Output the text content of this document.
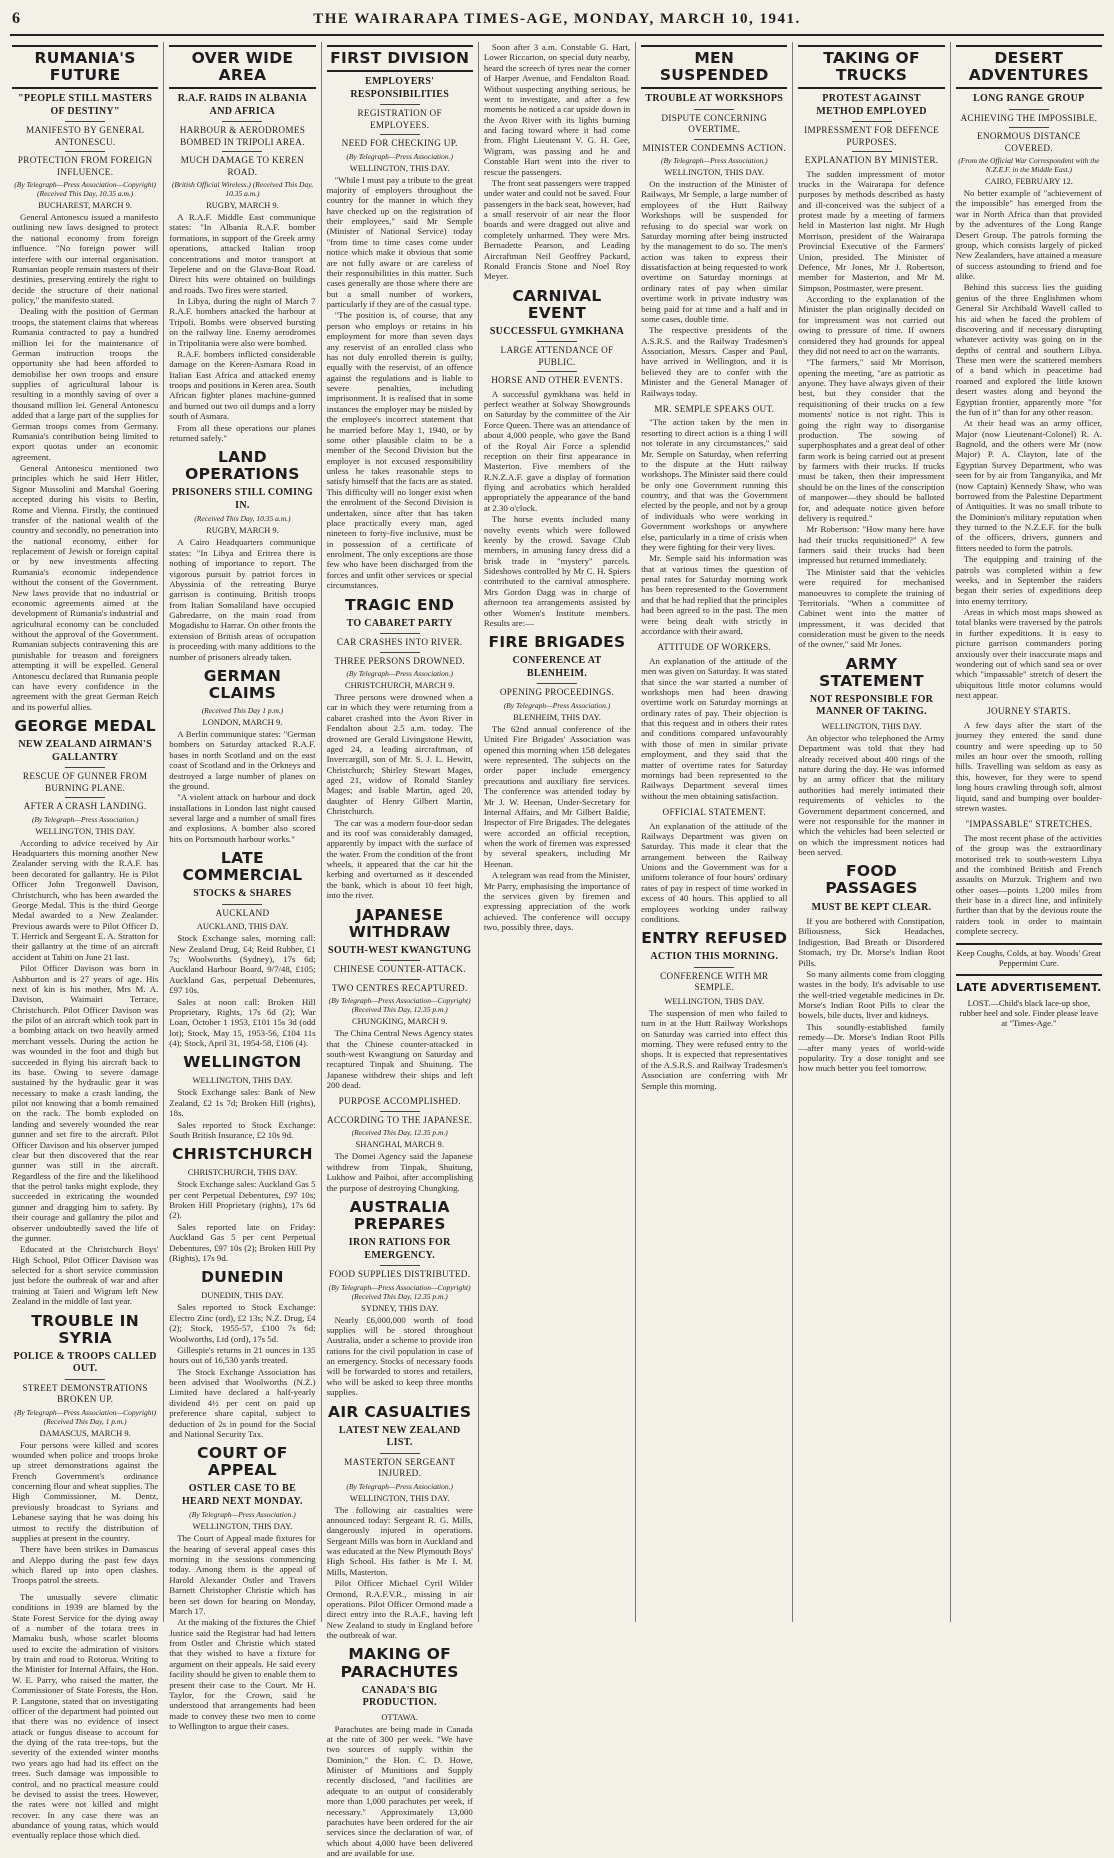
6	THE WAIRARAPA TIMES-AGE, MONDAY, MARCH 10, 1941.
RUMANIA'S FUTURE
"PEOPLE STILL MASTERS OF DESTINY"
MANIFESTO BY GENERAL ANTONESCU.
PROTECTION FROM FOREIGN INFLUENCE.
(By Telegraph—Press Association—Copyright) (Received This Day, 10.35 a.m.)
BUCHAREST, MARCH 9.

General Antonescu issued a manifesto outlining new laws designed to protect the national economy from foreign influence. "No foreign power will interfere with our internal organisation. Rumanian people remain masters of their destinies, preserving entirely the right to decide the structure of their national policy," the manifesto stated.

Dealing with the position of German troops, the statement claims that whereas Rumania contracted to pay a hundred million lei for the maintenance of German instruction troops the opportunity she had been afforded to demobilise her own troops and ensure supplies of agricultural labour is resulting in a monthly saving of over a thousand million lei. General Antonescu added that a large part of the supplies for German troops comes from Germany. Rumania's contribution being limited to export quotas under an economic agreement.

General Antonescu mentioned two principles which he said Herr Hitler, Signor Mussolini and Marshal Goering accepted during his visits to Berlin, Rome and Vienna. Firstly, the continued transfer of the national wealth of the country and secondly, no penetration into the national economy, either for replacement of Jewish or foreign capital or by new investments affecting Rumania's economic independence without the consent of the Government. New laws provide that no industrial or economic agreements aimed at the development of Rumania's industrial and agricultural economy can be concluded without the approval of the Government. Rumanian subjects contravening this are punishable for treason and foreigners attempting it will be expelled. General Antonescu declared that Rumania people can have every confidence in the agreement with the great German Reich and its powerful allies.

GEORGE MEDAL
NEW ZEALAND AIRMAN'S GALLANTRY
RESCUE OF GUNNER FROM BURNING PLANE.
AFTER A CRASH LANDING.
(By Telegraph—Press Association.)
WELLINGTON, THIS DAY.

According to advice received by Air Headquarters this morning another New Zealander serving with the R.A.F. has been decorated for gallantry. He is Pilot Officer John Tregonwell Davison, Christchurch, who has been awarded the George Medal. This is the third George Medal awarded to a New Zealander. Previous awards were to Pilot Officer D. T. Herrick and Sergeant E. A. Stratton for their gallantry at the time of an aircraft accident at Tahiti on June 21 last.

Pilot Officer Davison was born in Ashburton and is 27 years of age. His next of kin is his mother, Mrs M. A. Davison, Waimairi Terrace, Christchurch. Pilot Officer Davison was the pilot of an aircraft which took part in a bombing attack on two heavily armed merchant vessels. During the action he was wounded in the foot and thigh but succeeded in flying his aircraft back to its base. Owing to severe damage sustained by the hydraulic gear it was necessary to make a crash landing, the pilot not knowing that a bomb remained on the rack. The bomb exploded on landing and severely wounded the rear gunner and set fire to the aircraft. Pilot Officer Davison and his observer jumped clear but then discovered that the rear gunner was still in the aircraft. Regardless of the fire and the likelihood that the petrol tanks might explode, they succeeded in extricating the wounded gunner and dragging him to safety. By their courage and gallantry the pilot and observer undoubtedly saved the life of the gunner.

Educated at the Christchurch Boys' High School, Pilot Officer Davison was selected for a short service commission just before the outbreak of war and after training at Taieri and Wigram left New Zealand in the middle of last year.

TROUBLE IN SYRIA
POLICE & TROOPS CALLED OUT.
STREET DEMONSTRATIONS BROKEN UP.
(By Telegraph—Press Association—Copyright) (Received This Day, 1 p.m.)
DAMASCUS, MARCH 9.

Four persons were killed and scores wounded when police and troops broke up street demonstrations against the French Government's ordinance concerning flour and wheat supplies. The High Commissioner, M. Dentz, previously broadcast to Syrians and Lebanese saying that he was doing his utmost to rectify the distribution of supplies at present in the country.

There have been strikes in Damascus and Aleppo during the past few days which flared up into open clashes. Troops patrol the streets.

The unusually severe climatic conditions in 1939 are blamed by the State Forest Service for the dying away of a number of the totara trees in Mamaku bush, whose scarlet blooms used to excite the admiration of visitors by train and road to Rotorua. Writing to the Minister for Internal Affairs, the Hon. W. E. Parry, who raised the matter, the Commissioner of State Forests, the Hon. P. Langstone, stated that on investigating officer of the department had pointed out that there was no evidence of insect attack or fungus disease to account for the dying of the rata tree-tops, but the severity of the extended winter months two years ago had had its effect on the trees. Such damage was impossible to control, and no practical measure could be devised to assist the trees. However, the rates were not killed and might recover. In any case there was an abundance of young ratas, which would eventually replace those which died.

OVER WIDE AREA
R.A.F. RAIDS IN ALBANIA AND AFRICA
HARBOUR & AERODROMES BOMBED IN TRIPOLI AREA.
MUCH DAMAGE TO KEREN ROAD.
(British Official Wireless.) (Received This Day, 10.35 a.m.)
RUGBY, MARCH 9.

A R.A.F. Middle East communique states: "In Albania R.A.F. bomber formations, in support of the Greek army operations, attacked Italian troop concentrations and motor transport at Tepelene and on the Glava-Boat Road. Direct hits were obtained on buildings and roads. Two fires were started.

In Libya, during the night of March 7 R.A.F. bombers attacked the harbour at Tripoli. Bombs were observed bursting on the railway line. Enemy aerodromes in Tripolitania were also were bombed.

R.A.F. bombers inflicted considerable damage on the Keren-Asmara Road in Italian East Africa and attacked enemy troops and positions in Keren area. South African fighter planes machine-gunned and burned out two oil dumps and a lorry south of Asmara.

From all these operations our planes returned safely."

LAND OPERATIONS
PRISONERS STILL COMING IN.
(Received This Day, 10.35 a.m.)
RUGBY, MARCH 9.

A Cairo Headquarters communique states: "In Libya and Eritrea there is nothing of importance to report. The vigorous pursuit by patriot forces in Abyssinia of the retreating Burye garrison is continuing. British troops from Italian Somaliland have occupied Gabredarre, on the main road from Mogadishu to Harrar. On other fronts the extension of British areas of occupation is proceeding with many additions to the number of prisoners already taken.

GERMAN CLAIMS
(Received This Day 1 p.m.)
LONDON, MARCH 9.

A Berlin communique states: "German bombers on Saturday attacked R.A.F. bases in north Scotland and on the east coast of Scotland and in the Orkneys and destroyed a large number of planes on the ground.

"A violent attack on harbour and dock installations in London last night caused several large and a number of small fires and explosions. A bomber also scored hits on Portsmouth harbour works."

LATE COMMERCIAL
STOCKS & SHARES
AUCKLAND
AUCKLAND, THIS DAY.

Stock Exchange sales, morning call: New Zealand Drug, £4; Reid Rubber, £1 7s; Woolworths (Sydney), 17s 6d; Auckland Harbour Board, 9/7/48, £105; Auckland Gas, perpetual Debentures, £97 10s.

Sales at noon call: Broken Hill Proprietary, Rights, 17s 6d (2); War Loan, October 1 1953, £101 15s 3d (odd lot); Stock, May 15, 1953-56, £104 11s (4); Stock, April 31, 1954-58, £106 (4).

WELLINGTON
WELLINGTON, THIS DAY.

Stock Exchange sales: Bank of New Zealand, £2 1s 7d; Broken Hill (rights), 18s.

Sales reported to Stock Exchange: South British Insurance, £2 10s 9d.

CHRISTCHURCH
CHRISTCHURCH, THIS DAY.

Stock Exchange sales: Auckland Gas 5 per cent Perpetual Debentures, £97 10s; Broken Hill Proprietary (rights), 17s 6d (2).

Sales reported late on Friday: Auckland Gas 5 per cent Perpetual Debentures, £97 10s (2); Broken Hill Pty (Rights), 17s 9d.

DUNEDIN
DUNEDIN, THIS DAY.

Sales reported to Stock Exchange: Electro Zinc (ord), £2 13s; N.Z. Drug, £4 (2); Stock, 1955-57, £100 7s 6d; Woolworths, Ltd (ord), 17s 5d.

Gillespie's returns in 21 ounces in 135 hours out of 16,530 yards treated.

The Stock Exchange Association has been advised that Woolworths (N.Z.) Limited have declared a half-yearly dividend 4½ per cent on paid up preference share capital, subject to deduction of 2s in pound for the Social and National Security Tax.

COURT OF APPEAL
OSTLER CASE TO BE HEARD NEXT MONDAY.
(By Telegraph—Press Association.)
WELLINGTON, THIS DAY.

The Court of Appeal made fixtures for the hearing of several appeal cases this morning in the sessions commencing today. Among them is the appeal of Harold Alexander Ostler and Travers Barnett Christopher Christie which has been set down for hearing on Monday, March 17.

At the making of the fixtures the Chief Justice said the Registrar had had letters from Ostler and Christie which stated that they wished to have a fixture for argument on their appeals. He said every facility should be given to enable them to present their case to the Court. Mr H. Taylor, for the Crown, said he understood that arrangements had been made to convey these two men to come to Wellington to argue their cases.

FIRST DIVISION
EMPLOYERS' RESPONSIBILITIES
REGISTRATION OF EMPLOYEES.
NEED FOR CHECKING UP.
(By Telegraph—Press Association.)
WELLINGTON, THIS DAY.

"While I must pay a tribute to the great majority of employers throughout the country for the manner in which they have checked up on the registration of their employees," said Mr Semple (Minister of National Service) today "from time to time cases come under notice which make it obvious that some are not fully aware or are careless of their responsibilities in this matter. Such cases generally are those where there are but a small number of workers, particularly if they are of the casual type.

"The position is, of course, that any person who employs or retains in his employment for more than seven days any reservist of an enrolled class who has not duly enrolled therein is guilty, equally with the reservist, of an offence against the regulations and is liable to severe penalties, including imprisonment. It is realised that in some instances the employer may be misled by the employee's incorrect statement that he married before May 1, 1940, or by some other plausible claim to be a member of the Second Division but the employer is not excused responsibility unless he takes reasonable steps to satisfy himself that the facts are as stated. This difficulty will no longer exist when the enrolment of the Second Division is undertaken, since after that has taken place practically every man, aged nineteen to forty-five inclusive, must be in possession of a certificate of enrolment. The only exceptions are those few who have been discharged from the forces and unfit other services or special circumstances.

TRAGIC END
TO CABARET PARTY
CAR CRASHES INTO RIVER.
THREE PERSONS DROWNED.
(By Telegraph—Press Association.)
CHRISTCHURCH, MARCH 9.

Three persons were drowned when a car in which they were returning from a cabaret crashed into the Avon River in Fendalton about 2.5 a.m. today. The drowned are Gerald Livingstone Hewitt, aged 24, a leading aircraftman, of Invercargill, son of Mr. S. J. L. Hewitt, Christchurch; Shirley Stewart Mages, aged 21, widow of Ronald Stanley Mages; and Isable Martin, aged 20, daughter of Henry Gilbert Martin, Christchurch.

The car was a modern four-door sedan and its roof was considerably damaged, apparently by impact with the surface of the water. From the condition of the front wheels, it appeared that the car hit the kerbing and overturned as it descended the bank, which is about 10 feet high, into the river.

JAPANESE WITHDRAW
SOUTH-WEST KWANGTUNG
CHINESE COUNTER-ATTACK.
TWO CENTRES RECAPTURED.
(By Telegraph—Press Association—Copyright) (Received This Day, 12.35 p.m.)
CHUNGKING, MARCH 9.

The China Central News Agency states that the Chinese counter-attacked in south-west Kwangtung on Saturday and recaptured Tinpak and Shuitung. The Japanese withdrew their ships and left 200 dead.

PURPOSE ACCOMPLISHED.
ACCORDING TO THE JAPANESE.
(Received This Day, 12.35 p.m.)
SHANGHAI, MARCH 9.

The Domei Agency said the Japanese withdrew from Tinpak, Shuitung, Lukhow and Paihoi, after accomplishing the purpose of destroying Chungking.

AUSTRALIA PREPARES
IRON RATIONS FOR EMERGENCY.
FOOD SUPPLIES DISTRIBUTED.
(By Telegraph—Press Association—Copyright) (Received This Day, 12.35 p.m.)
SYDNEY, THIS DAY.

Nearly £6,000,000 worth of food supplies will be stored throughout Australia, under a scheme to provide iron rations for the civil population in case of an emergency. Stocks of necessary foods will be forwarded to stores and retailers, who will be asked to keep three months supplies.

AIR CASUALTIES
LATEST NEW ZEALAND LIST.
MASTERTON SERGEANT INJURED.
(By Telegraph—Press Association.)
WELLINGTON, THIS DAY.

The following air casualties were announced today: Sergeant R. G. Mills, dangerously injured in operations. Sergeant Mills was born in Auckland and was educated at the New Plymouth Boys' High School. His father is Mr I. M. Mills, Masterton.

Pilot Officer Michael Cyril Wilder Ormond, R.A.F.V.R., missing in air operations. Pilot Officer Ormond made a direct entry into the R.A.F., having left New Zealand to study in England before the outbreak of war.

MAKING OF PARACHUTES
CANADA'S BIG PRODUCTION.
OTTAWA.

Parachutes are being made in Canada at the rate of 300 per week. "We have two sources of supply within the Dominion," the Hon. C. D. Howe, Minister of Munitions and Supply recently disclosed, "and facilities are adequate to an output of considerably more than 1,000 parachutes per week, if necessary." Approximately 13,000 parachutes have been ordered for the air services since the declaration of war, of which about 4,000 have been delivered and are available for use.

Soon after 3 a.m. Constable G. Hart, Lower Riccarton, on special duty nearby, heard the screech of tyres near the corner of Harper Avenue, and Fendalton Road. Without suspecting anything serious, he went to investigate, and after a few moments he noticed a car upside down in the Avon River with its lights burning and facing toward where it had come from. Flight Lieutenant V. G. H. Gee, Wigram, was passing and he and Constable Hart went into the river to rescue the passengers.

The front seat passengers were trapped under water and could not be saved. Four passengers in the back seat, however, had a small reservoir of air near the floor boards and were dragged out alive and completely unharmed. They were Mrs. Bernadette Pearson, and Leading Aircraftman Neil Geoffrey Packard, Ronald Francis Stone and Noel Roy Meyer.

CARNIVAL EVENT
SUCCESSFUL GYMKHANA
LARGE ATTENDANCE OF PUBLIC.
HORSE AND OTHER EVENTS.

A successful gymkhana was held in perfect weather at Solway Showgrounds on Saturday by the committee of the Air Force Queen. There was an attendance of about 4,000 people, who gave the Band of the Royal Air Force a splendid reception on their first appearance in Masterton. Five members of the R.N.Z.A.F. gave a display of formation flying and acrobatics which heralded appropriately the appearance of the band at 2.30 o'clock.

The horse events included many novelty events which were followed keenly by the crowd. Savage Club members, in amusing fancy dress did a brisk trade in "mystery" parcels. Sideshows controlled by Mr C. H. Spiers contributed to the carnival atmosphere. Mrs Gordon Dagg was in charge of afternoon tea arrangements assisted by other Women's Institute members. Results are:—

FIRE BRIGADES
CONFERENCE AT BLENHEIM.
OPENING PROCEEDINGS.
(By Telegraph—Press Association.)
BLENHEIM, THIS DAY.

The 62nd annual conference of the United Fire Brigades' Association was opened this morning when 158 delegates were represented. The subjects on the order paper include emergency precautions and auxiliary fire services. The conference was attended today by Mr J. W. Heenan, Under-Secretary for Internal Affairs, and Mr Gilbert Baldie, Inspector of Fire Brigades. The delegates were accorded an official reception, when the work of firemen was expressed by several speakers, including Mr Heenan.

A telegram was read from the Minister, Mr Parry, emphasising the importance of the services given by firemen and expressing appreciation of the work achieved. The conference will occupy two, possibly three, days.

MEN SUSPENDED
TROUBLE AT WORKSHOPS
DISPUTE CONCERNING OVERTIME.
MINISTER CONDEMNS ACTION.
(By Telegraph—Press Association.)
WELLINGTON, THIS DAY.

On the instruction of the Minister of Railways, Mr Semple, a large number of employees of the Hutt Railway Workshops will be suspended for refusing to do special war work on Saturday morning after being instructed by the management to do so. The men's action was taken to express their dissatisfaction at being requested to work overtime on Saturday mornings at ordinary rates of pay when similar overtime work in private industry was being paid for at time and a half and in some cases, double time.

The respective presidents of the A.S.R.S. and the Railway Tradesmen's Association, Messrs. Casper and Paul, have arrived in Wellington, and it is believed they are to confer with the Minister and the General Manager of Railways today.

MR. SEMPLE SPEAKS OUT.

"The action taken by the men in resorting to direct action is a thing I will not tolerate in any circumstances," said Mr. Semple on Saturday, when referring to the dispute at the Hutt railway workshops. The Minister said there could be only one Government running this country, and that was the Government elected by the people, and not by a group of individuals who were working in Government workshops or anywhere else, particularly in a time of crisis when they were fighting for their very lives.

Mr. Semple said his information was that at various times the question of penal rates for Saturday morning work has been represented to the Government and that he had replied that the principles had been agreed to in the past. The men were being dealt with strictly in accordance with their award.

ATTITUDE OF WORKERS.

An explanation of the attitude of the men was given on Saturday. It was stated that since the war started a number of workshops men had been drawing overtime work on Saturday mornings at ordinary rates of pay. Their objection is that this request and in others their rates and conditions compared unfavourably with those of men in similar private employment, and they said that the matter of overtime rates for Saturday mornings had been represented to the Railways Department several times without the men obtaining satisfaction.

OFFICIAL STATEMENT.

An explanation of the attitude of the Railways Department was given on Saturday. This made it clear that the arrangement between the Railway Unions and the Government was for a uniform tolerance of four hours' ordinary rates of pay in respect of time worked in excess of 40 hours. This applied to all employees working under railway conditions.

ENTRY REFUSED
ACTION THIS MORNING.
CONFERENCE WITH MR SEMPLE.
WELLINGTON, THIS DAY.

The suspension of men who failed to turn in at the Hutt Railway Workshops on Saturday was carried into effect this morning. They were refused entry to the shops. It is expected that representatives of the A.S.R.S. and Railway Tradesmen's Association are conferring with Mr Semple this morning.

TAKING OF TRUCKS
PROTEST AGAINST METHOD EMPLOYED
IMPRESSMENT FOR DEFENCE PURPOSES.
EXPLANATION BY MINISTER.

The sudden impressment of motor trucks in the Wairarapa for defence purposes by methods described as hasty and ill-conceived was the subject of a protest made by a meeting of farmers held in Masterton last night. Mr Hugh Morrison, president of the Wairarapa Provincial Executive of the Farmers' Union, presided. The Minister of Defence, Mr Jones, Mr J. Robertson, member for Masterton, and Mr M. Simpson, Postmaster, were present.

According to the explanation of the Minister the plan originally decided on for impressment was not carried out owing to pressure of time. If owners considered they had grounds for appeal they did not need to act on the warrants.

"The farmers," said Mr Morrison, opening the meeting, "are as patriotic as anyone. They have always given of their best, but they consider that the requisitioning of their trucks on a few moments' notice is not right. This is going the right way to disorganise production. The sowing of superphosphates and a great deal of other farm work is being carried out at present by farmers with their trucks. If trucks must be taken, then their impressment should be on the lines of the conscription of manpower—they should be balloted for, and adequate notice given before delivery is required."

Mr Robertson: "How many here have had their trucks requisitioned?" A few farmers said their trucks had been impressed but returned immediately.

The Minister said that the vehicles were required for mechanised manoeuvres to complete the training of Territorials. "When a committee of Cabinet went into the matter of impressment, it was decided that consideration must be given to the needs of the owner," said Mr Jones.

ARMY STATEMENT
NOT RESPONSIBLE FOR MANNER OF TAKING.
WELLINGTON, THIS DAY.

An objector who telephoned the Army Department was told that they had already received about 400 rings of the nature during the day. He was informed by an army officer that the military authorities had merely intimated their requirements of vehicles to the Government department concerned, and were not responsible for the manner in which the vehicles had been selected or on which the impressment notices had been served.

FOOD PASSAGES
MUST BE KEPT CLEAR.

If you are bothered with Constipation, Biliousness, Sick Headaches, Indigestion, Bad Breath or Disordered Stomach, try Dr. Morse's Indian Root Pills.

So many ailments come from clogging wastes in the body. It's advisable to use the well-tried vegetable medicines in Dr. Morse's Indian Root Pills to clear the bowels, bile ducts, liver and kidneys.

This soundly-established family remedy—Dr. Morse's Indian Root Pills—after many years of world-wide popularity. Try a dose tonight and see how much better you feel tomorrow.

DESERT ADVENTURES
LONG RANGE GROUP
ACHIEVING THE IMPOSSIBLE.
ENORMOUS DISTANCE COVERED.
(From the Official War Correspondent with the N.Z.E.F. in the Middle East.)
CAIRO, FEBRUARY 12.

No better example of "achievement of the impossible" has emerged from the war in North Africa than that provided by the adventures of the Long Range Desert Group. The patrols forming the group, which consists largely of picked New Zealanders, have attained a measure of success astounding to friend and foe alike.

Behind this success lies the guiding genius of the three Englishmen whom General Sir Archibald Wavell called to his aid when he faced the problem of discovering and if necessary disrupting whatever activity was going on in the depths of central and southern Libya. These men were the scattered members of a band which in peacetime had roamed and explored the little known desert wastes along and beyond the Egyptian frontier, apparently more "for the fun of it" than for any other reason.

At their head was an army officer, Major (now Lieutenant-Colonel) R. A. Bagnold, and the others were Mr (now Major) P. A. Clayton, late of the Egyptian Survey Department, who was seen for by air from Tanganyika, and Mr (now Captain) Kennedy Shaw, who was borrowed from the Palestine Department of Antiquities. It was no small tribute to the Dominion's military reputation when they turned to the N.Z.E.F. for the bulk of the officers, drivers, gunners and fitters needed to form the patrols.

The equipping and training of the patrols was completed within a few weeks, and in September the raiders began their series of expeditions deep into enemy territory.

Areas in which most maps showed as total blanks were traversed by the patrols in further expeditions. It is easy to picture garrison commanders poring anxiously over their inaccurate maps and wondering out of which sand sea or over which "impassable" stretch of desert the ubiquitous little motor columns would next appear.

JOURNEY STARTS.

A few days after the start of the journey they entered the sand dune country and were speeding up to 50 miles an hour over the smooth, rolling hills. Travelling was seldom as easy as this, however, for they were to spend long hours crawling through soft, almost liquid, sand and bumping over boulder-strewn wastes.

"IMPASSABLE" STRETCHES.

The most recent phase of the activities of the group was the extraordinary motorised trek to south-western Libya and the combined British and French assaults on Murzuk. Trighem and two other oases—points 1,200 miles from their base in a direct line, and infinitely further than that by the devious route the raiders took in order to maintain complete secrecy.

Keep Coughs, Colds, at bay. Woods' Great Peppermint Cure.
LATE ADVERTISEMENT.
LOST.—Child's black lace-up shoe, rubber heel and sole. Finder please leave at "Times-Age."
